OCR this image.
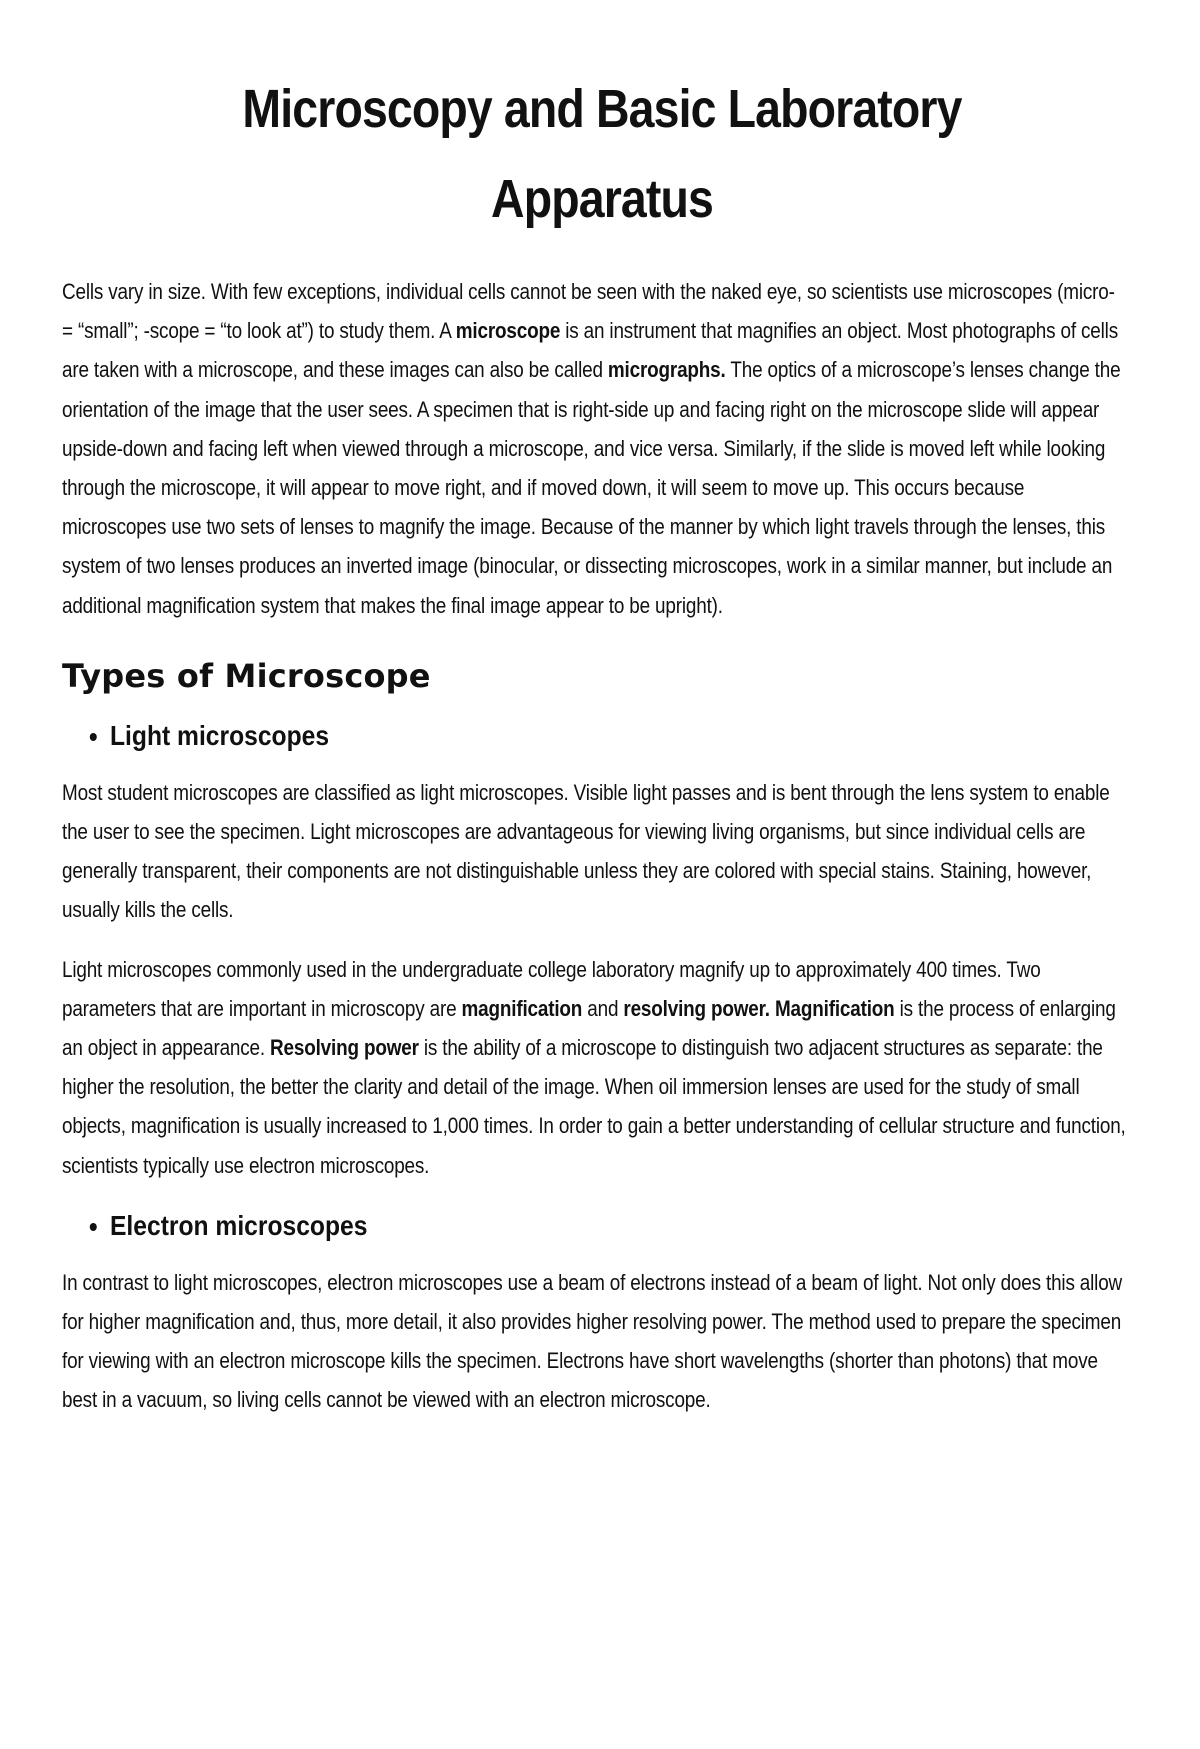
Microscopy and Basic Laboratory Apparatus

Cells vary in size. With few exceptions, individual cells cannot be seen with the naked eye, so scientists use microscopes (micro- = “small”; -scope = “to look at”) to study them. A microscope is an instrument that magnifies an object. Most photographs of cells are taken with a microscope, and these images can also be called micrographs. The optics of a microscope’s lenses change the orientation of the image that the user sees. A specimen that is right-side up and facing right on the microscope slide will appear upside-down and facing left when viewed through a microscope, and vice versa. Similarly, if the slide is moved left while looking through the microscope, it will appear to move right, and if moved down, it will seem to move up. This occurs because microscopes use two sets of lenses to magnify the image. Because of the manner by which light travels through the lenses, this system of two lenses produces an inverted image (binocular, or dissecting microscopes, work in a similar manner, but include an additional magnification system that makes the final image appear to be upright).

Types of Microscope
• Light microscopes

Most student microscopes are classified as light microscopes. Visible light passes and is bent through the lens system to enable the user to see the specimen. Light microscopes are advantageous for viewing living organisms, but since individual cells are generally transparent, their components are not distinguishable unless they are colored with special stains. Staining, however, usually kills the cells.

Light microscopes commonly used in the undergraduate college laboratory magnify up to approximately 400 times. Two parameters that are important in microscopy are magnification and resolving power. Magnification is the process of enlarging an object in appearance. Resolving power is the ability of a microscope to distinguish two adjacent structures as separate: the higher the resolution, the better the clarity and detail of the image. When oil immersion lenses are used for the study of small objects, magnification is usually increased to 1,000 times. In order to gain a better understanding of cellular structure and function, scientists typically use electron microscopes.

• Electron microscopes

In contrast to light microscopes, electron microscopes use a beam of electrons instead of a beam of light. Not only does this allow for higher magnification and, thus, more detail, it also provides higher resolving power. The method used to prepare the specimen for viewing with an electron microscope kills the specimen. Electrons have short wavelengths (shorter than photons) that move best in a vacuum, so living cells cannot be viewed with an electron microscope.
